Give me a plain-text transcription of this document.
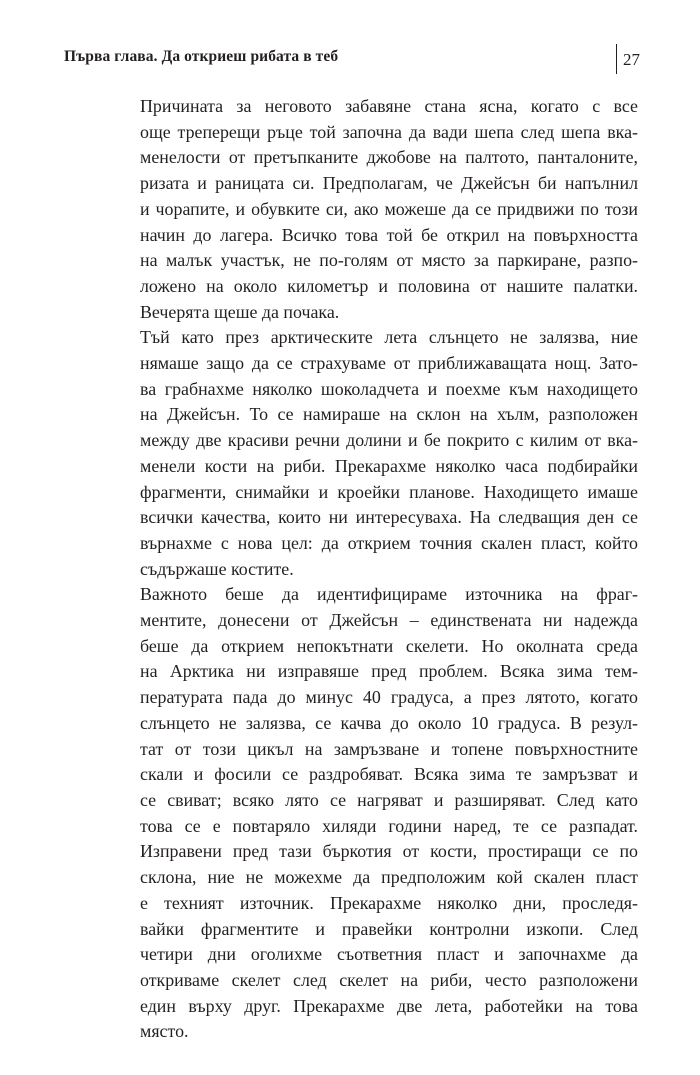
Първа глава. Да откриеш рибата в теб	27

Причината за неговото забавяне стана ясна, когато с все
още треперещи ръце той започна да вади шепа след шепа вка-
менелости от претъпканите джобове на палтото, панталоните,
ризата и раницата си. Предполагам, че Джейсън би напълнил
и чорапите, и обувките си, ако можеше да се придвижи по този
начин до лагера. Всичко това той бе открил на повърхността
на малък участък, не по-голям от място за паркиране, разпо-
ложено на около километър и половина от нашите палатки.
Вечерята щеше да почака.

Тъй като през арктическите лета слънцето не залязва, ние
нямаше защо да се страхуваме от приближаващата нощ. Зато-
ва грабнахме няколко шоколадчета и поехме към находището
на Джейсън. То се намираше на склон на хълм, разположен
между две красиви речни долини и бе покрито с килим от вка-
менели кости на риби. Прекарахме няколко часа подбирайки
фрагменти, снимайки и кроейки планове. Находището имаше
всички качества, които ни интересуваха. На следващия ден се
върнахме с нова цел: да открием точния скален пласт, който
съдържаше костите.

Важното беше да идентифицираме източника на фраг-
ментите, донесени от Джейсън – единствената ни надежда
беше да открием непокътнати скелети. Но околната среда
на Арктика ни изправяше пред проблем. Всяка зима тем-
пературата пада до минус 40 градуса, а през лятото, когато
слънцето не залязва, се качва до около 10 градуса. В резул-
тат от този цикъл на замръзване и топене повърхностните
скали и фосили се раздробяват. Всяка зима те замръзват и
се свиват; всяко лято се нагряват и разширяват. След като
това се е повтаряло хиляди години наред, те се разпадат.
Изправени пред тази бъркотия от кости, простиращи се по
склона, ние не можехме да предположим кой скален пласт
е техният източник. Прекарахме няколко дни, проследя-
вайки фрагментите и правейки контролни изкопи. След
четири дни оголихме съответния пласт и започнахме да
откриваме скелет след скелет на риби, често разположени
един върху друг. Прекарахме две лета, работейки на това
място.
